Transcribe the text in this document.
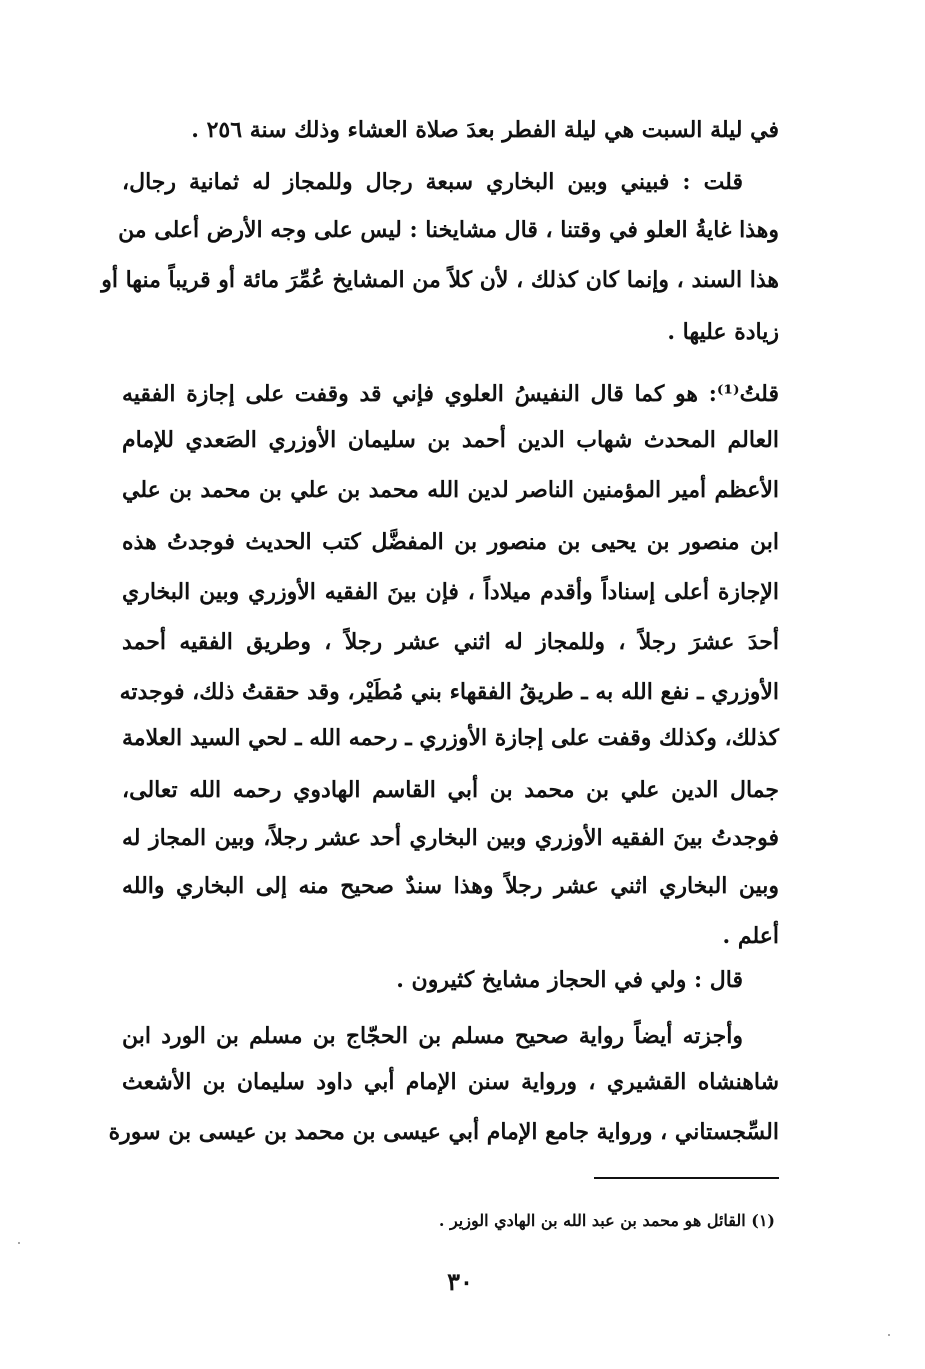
في ليلة السبت هي ليلة الفطر بعدَ صلاة العشاء وذلك سنة ٢٥٦ .
قلت : فبيني وبين البخاري سبعة رجال وللمجاز له ثمانية رجال،
وهذا غايةُ العلو في وقتنا ، قال مشايخنا : ليس على وجه الأرض أعلى من
هذا السند ، وإنما كان كذلك ، لأن كلاً من المشايخ عُمِّرَ مائة أو قريباً منها أو
زيادة عليها .
قلتُ⁽¹⁾: هو كما قال النفيسُ العلوي فإني قد وقفت على إجازة الفقيه
العالم المحدث شهاب الدين أحمد بن سليمان الأوزري الصَعدي للإمام
الأعظم أمير المؤمنين الناصر لدين الله محمد بن علي بن محمد بن علي
ابن منصور بن يحيى بن منصور بن المفضَّل كتب الحديث فوجدتُ هذه
الإجازة أعلى إسناداً وأقدم ميلاداً ، فإن بينَ الفقيه الأوزري وبين البخاري
أحدَ عشرَ رجلاً ، وللمجاز له اثني عشر رجلاً ، وطريق الفقيه أحمد
الأوزري ـ نفع الله به ـ طريقُ الفقهاء بني مُطَيْر، وقد حققتُ ذلك، فوجدته
كذلك، وكذلك وقفت على إجازة الأوزري ـ رحمه الله ـ لحي السيد العلامة
جمال الدين علي بن محمد بن أبي القاسم الهادوي رحمه الله تعالى،
فوجدتُ بينَ الفقيه الأوزري وبين البخاري أحد عشر رجلاً، وبين المجاز له
وبين البخاري اثني عشر رجلاً وهذا سندٌ صحيح منه إلى البخاري والله
أعلم .
قال : ولي في الحجاز مشايخ كثيرون .
وأجزته أيضاً رواية صحيح مسلم بن الحجّاج بن مسلم بن الورد ابن
شاهنشاه القشيري ، ورواية سنن الإمام أبي داود سليمان بن الأشعث
السِّجستاني ، ورواية جامع الإمام أبي عيسى بن محمد بن عيسى بن سورة
(١) القائل هو محمد بن عبد الله بن الهادي الوزير .
٣٠
